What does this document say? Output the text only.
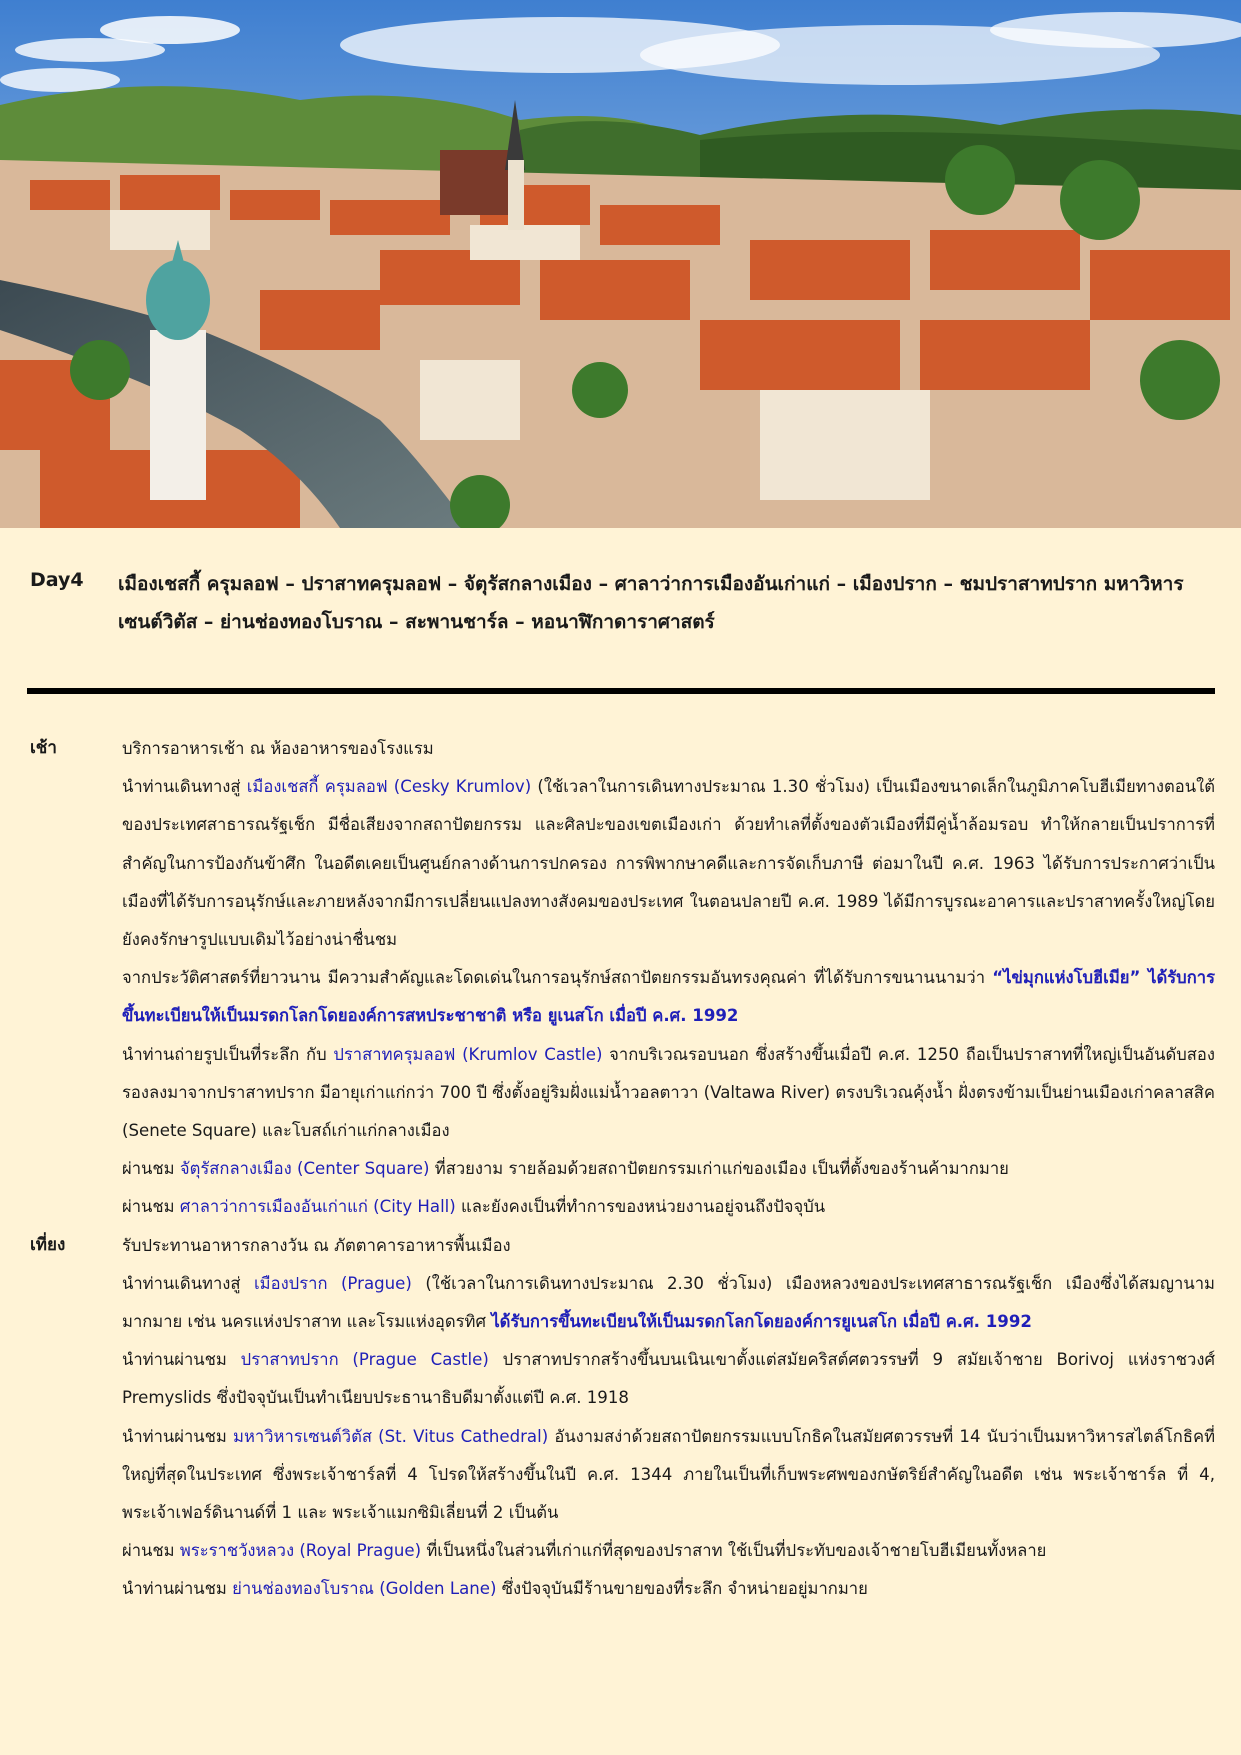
Day4 เมืองเชสกี้ ครุมลอฟ – ปราสาทครุมลอฟ – จัตุรัสกลางเมือง – ศาลาว่าการเมืองอันเก่าแก่ – เมืองปราก – ชมปราสาทปราก มหาวิหารเซนต์วิตัส – ย่านช่องทองโบราณ – สะพานชาร์ล – หอนาฬิกาดาราศาสตร์
เช้า	บริการอาหารเช้า ณ ห้องอาหารของโรงแรม

นำท่านเดินทางสู่ เมืองเชสกี้ ครุมลอฟ (Cesky Krumlov) (ใช้เวลาในการเดินทางประมาณ 1.30 ชั่วโมง) เป็นเมืองขนาดเล็กในภูมิภาคโบฮีเมียทางตอนใต้ของประเทศสาธารณรัฐเช็ก มีชื่อเสียงจากสถาปัตยกรรม และศิลปะของเขตเมืองเก่า ด้วยทำเลที่ตั้งของตัวเมืองที่มีคู่น้ำล้อมรอบ ทำให้กลายเป็นปราการที่สำคัญในการป้องกันข้าศึก ในอดีตเคยเป็นศูนย์กลางด้านการปกครอง การพิพากษาคดีและการจัดเก็บภาษี ต่อมาในปี ค.ศ. 1963 ได้รับการประกาศว่าเป็นเมืองที่ได้รับการอนุรักษ์และภายหลังจากมีการเปลี่ยนแปลงทางสังคมของประเทศ ในตอนปลายปี ค.ศ. 1989 ได้มีการบูรณะอาคารและปราสาทครั้งใหญ่โดยยังคงรักษารูปแบบเดิมไว้อย่างน่าชื่นชม

จากประวัติศาสตร์ที่ยาวนาน มีความสำคัญและโดดเด่นในการอนุรักษ์สถาปัตยกรรมอันทรงคุณค่า ที่ได้รับการขนานนามว่า “ไข่มุกแห่งโบฮีเมีย” ได้รับการขึ้นทะเบียนให้เป็นมรดกโลกโดยองค์การสหประชาชาติ หรือ ยูเนสโก เมื่อปี ค.ศ. 1992

นำท่านถ่ายรูปเป็นที่ระลึก กับ ปราสาทครุมลอฟ (Krumlov Castle) จากบริเวณรอบนอก ซึ่งสร้างขึ้นเมื่อปี ค.ศ. 1250 ถือเป็นปราสาทที่ใหญ่เป็นอันดับสองรองลงมาจากปราสาทปราก มีอายุเก่าแก่กว่า 700 ปี ซึ่งตั้งอยู่ริมฝั่งแม่น้ำวอลตาวา (Valtawa River) ตรงบริเวณคุ้งน้ำ ฝั่งตรงข้ามเป็นย่านเมืองเก่าคลาสสิค (Senete Square) และโบสถ์เก่าแก่กลางเมือง

ผ่านชม จัตุรัสกลางเมือง (Center Square) ที่สวยงาม รายล้อมด้วยสถาปัตยกรรมเก่าแก่ของเมือง เป็นที่ตั้งของร้านค้ามากมาย

ผ่านชม ศาลาว่าการเมืองอันเก่าแก่ (City Hall) และยังคงเป็นที่ทำการของหน่วยงานอยู่จนถึงปัจจุบัน

เที่ยง	รับประทานอาหารกลางวัน ณ ภัตตาคารอาหารพื้นเมือง

นำท่านเดินทางสู่ เมืองปราก (Prague) (ใช้เวลาในการเดินทางประมาณ 2.30 ชั่วโมง) เมืองหลวงของประเทศสาธารณรัฐเช็ก เมืองซึ่งได้สมญานามมากมาย เช่น นครแห่งปราสาท และโรมแห่งอุดรทิศ ได้รับการขึ้นทะเบียนให้เป็นมรดกโลกโดยองค์การยูเนสโก เมื่อปี ค.ศ. 1992

นำท่านผ่านชม ปราสาทปราก (Prague Castle) ปราสาทปรากสร้างขึ้นบนเนินเขาตั้งแต่สมัยคริสต์ศตวรรษที่ 9 สมัยเจ้าชาย Borivoj แห่งราชวงศ์ Premyslids ซึ่งปัจจุบันเป็นทำเนียบประธานาธิบดีมาตั้งแต่ปี ค.ศ. 1918

นำท่านผ่านชม มหาวิหารเซนต์วิตัส (St. Vitus Cathedral) อันงามสง่าด้วยสถาปัตยกรรมแบบโกธิคในสมัยศตวรรษที่ 14 นับว่าเป็นมหาวิหารสไตล์โกธิคที่ใหญ่ที่สุดในประเทศ ซึ่งพระเจ้าชาร์ลที่ 4 โปรดให้สร้างขึ้นในปี ค.ศ. 1344 ภายในเป็นที่เก็บพระศพของกษัตริย์สำคัญในอดีต เช่น พระเจ้าชาร์ล ที่ 4, พระเจ้าเฟอร์ดินานด์ที่ 1 และ พระเจ้าแมกซิมิเลี่ยนที่ 2 เป็นต้น

ผ่านชม พระราชวังหลวง (Royal Prague) ที่เป็นหนึ่งในส่วนที่เก่าแก่ที่สุดของปราสาท ใช้เป็นที่ประทับของเจ้าชายโบฮีเมียนทั้งหลาย

นำท่านผ่านชม ย่านช่องทองโบราณ (Golden Lane) ซึ่งปัจจุบันมีร้านขายของที่ระลึก จำหน่ายอยู่มากมาย
